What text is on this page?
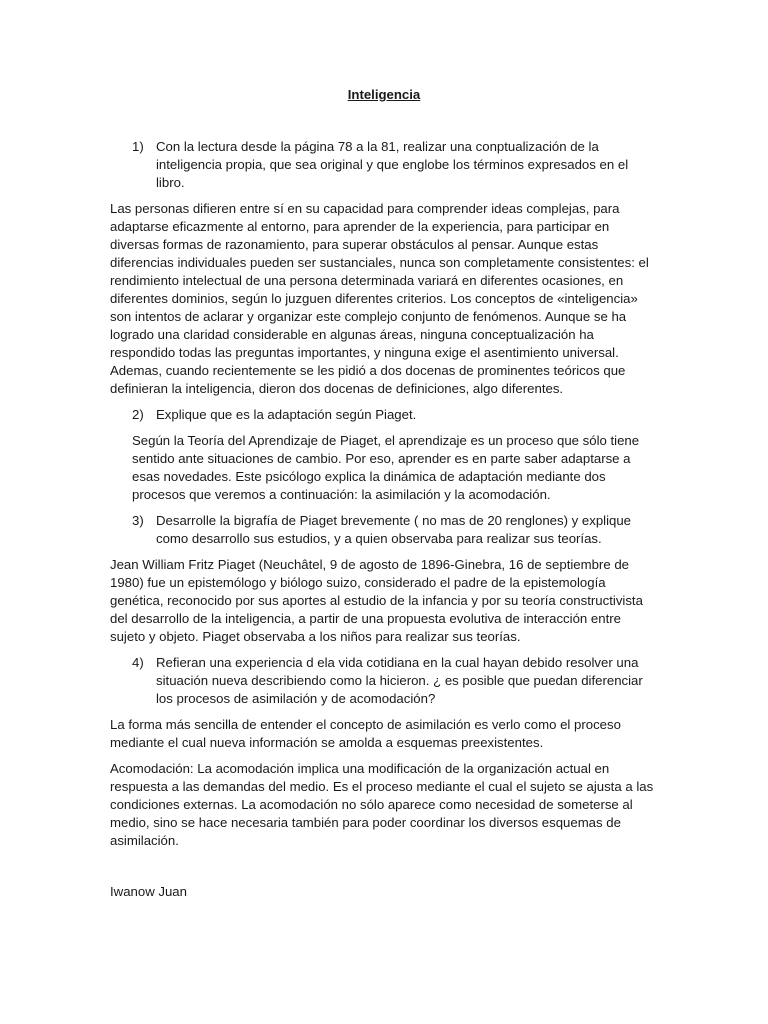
Inteligencia
1) Con la lectura desde la página 78 a la 81, realizar una conptualización de la inteligencia propia, que sea original y que englobe los términos expresados en el libro.

Las personas difieren entre sí en su capacidad para comprender ideas complejas, para adaptarse eficazmente al entorno, para aprender de la experiencia, para participar en diversas formas de razonamiento, para superar obstáculos al pensar. Aunque estas diferencias individuales pueden ser sustanciales, nunca son completamente consistentes: el rendimiento intelectual de una persona determinada variará en diferentes ocasiones, en diferentes dominios, según lo juzguen diferentes criterios. Los conceptos de «inteligencia» son intentos de aclarar y organizar este complejo conjunto de fenómenos. Aunque se ha logrado una claridad considerable en algunas áreas, ninguna conceptualización ha respondido todas las preguntas importantes, y ninguna exige el asentimiento universal. Ademas, cuando recientemente se les pidió a dos docenas de prominentes teóricos que definieran la inteligencia, dieron dos docenas de definiciones, algo diferentes.

2) Explique que es la adaptación según Piaget.

Según la Teoría del Aprendizaje de Piaget, el aprendizaje es un proceso que sólo tiene sentido ante situaciones de cambio. Por eso, aprender es en parte saber adaptarse a esas novedades. Este psicólogo explica la dinámica de adaptación mediante dos procesos que veremos a continuación: la asimilación y la acomodación.

3) Desarrolle la bigrafía de Piaget brevemente ( no mas de 20 renglones) y explique como desarrollo sus estudios, y a quien observaba para realizar sus teorías.

Jean William Fritz Piaget (Neuchâtel, 9 de agosto de 1896-Ginebra, 16 de septiembre de 1980) fue un epistemólogo y biólogo suizo, considerado el padre de la epistemología genética, reconocido por sus aportes al estudio de la infancia y por su teoría constructivista del desarrollo de la inteligencia, a partir de una propuesta evolutiva de interacción entre sujeto y objeto. Piaget observaba a los niños para realizar sus teorías.

4) Refieran una experiencia d ela vida cotidiana en la cual hayan debido resolver una situación nueva describiendo como la hicieron. ¿ es posible que puedan diferenciar los procesos de asimilación y de acomodación?

La forma más sencilla de entender el concepto de asimilación es verlo como el proceso mediante el cual nueva información se amolda a esquemas preexistentes.

Acomodación: La acomodación implica una modificación de la organización actual en respuesta a las demandas del medio. Es el proceso mediante el cual el sujeto se ajusta a las condiciones externas. La acomodación no sólo aparece como necesidad de someterse al medio, sino se hace necesaria también para poder coordinar los diversos esquemas de asimilación.

Iwanow Juan
